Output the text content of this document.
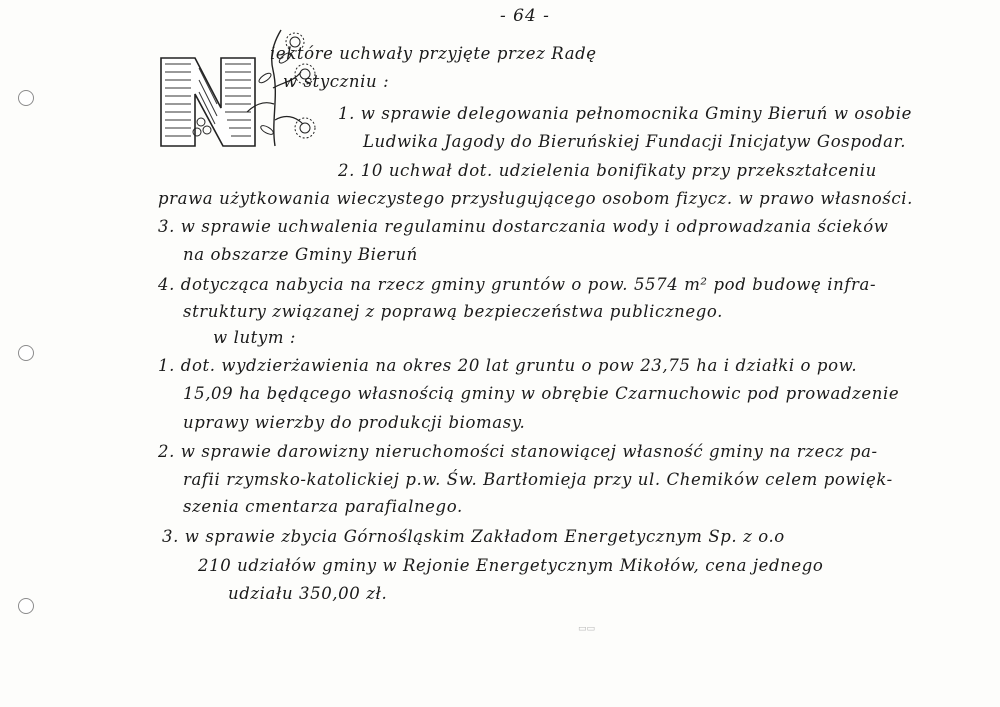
- 64 -
iektóre uchwały przyjęte przez Radę
w styczniu :
1. w sprawie delegowania pełnomocnika Gminy Bieruń w osobie
Ludwika Jagody do Bieruńskiej Fundacji Inicjatyw Gospodar.
2. 10 uchwał dot. udzielenia bonifikaty przy przekształceniu
prawa użytkowania wieczystego przysługującego osobom fizycz. w prawo własności.
3. w sprawie uchwalenia regulaminu dostarczania wody i odprowadzania ścieków
na obszarze Gminy Bieruń
4. dotycząca nabycia na rzecz gminy gruntów o pow. 5574 m² pod budowę infra-
struktury związanej z poprawą bezpieczeństwa publicznego.
w lutym :
1. dot. wydzierżawienia na okres 20 lat gruntu o pow 23,75 ha i działki o pow.
15,09 ha będącego własnością gminy w obrębie Czarnuchowic pod prowadzenie
uprawy wierzby do produkcji biomasy.
2. w sprawie darowizny nieruchomości stanowiącej własność gminy na rzecz pa-
rafii rzymsko-katolickiej p.w. Św. Bartłomieja przy ul. Chemików celem powięk-
szenia cmentarza parafialnego.
3. w sprawie zbycia Górnośląskim Zakładom Energetycznym Sp. z o.o
210 udziałów gminy w Rejonie Energetycznym Mikołów, cena jednego
udziału 350,00 zł.
▭▭
